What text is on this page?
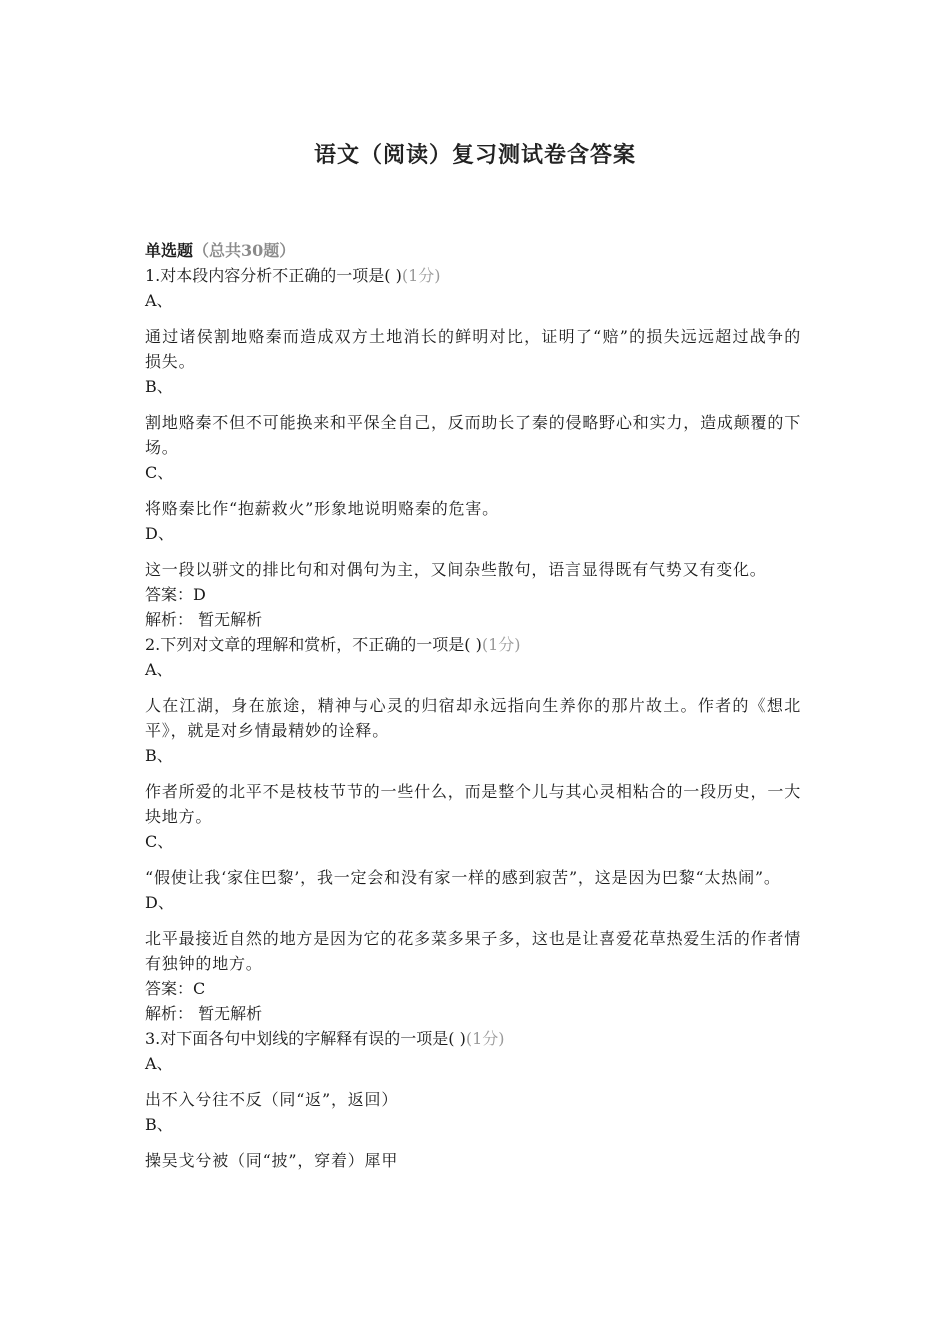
语文（阅读）复习测试卷含答案
单选题（总共30题）
1.对本段内容分析不正确的一项是( )(1分)
A、
通过诸侯割地赂秦而造成双方土地消长的鲜明对比，证明了“赔”的损失远远超过战争的损失。
B、
割地赂秦不但不可能换来和平保全自己，反而助长了秦的侵略野心和实力，造成颠覆的下场。
C、
将赂秦比作“抱薪救火”形象地说明赂秦的危害。
D、
这一段以骈文的排比句和对偶句为主，又间杂些散句，语言显得既有气势又有变化。
答案：D
解析： 暂无解析
2.下列对文章的理解和赏析，不正确的一项是( )(1分)
A、
人在江湖，身在旅途，精神与心灵的归宿却永远指向生养你的那片故土。作者的《想北平》，就是对乡情最精妙的诠释。
B、
作者所爱的北平不是枝枝节节的一些什么，而是整个儿与其心灵相粘合的一段历史，一大块地方。
C、
“假使让我‘家住巴黎’，我一定会和没有家一样的感到寂苦”，这是因为巴黎“太热闹”。
D、
北平最接近自然的地方是因为它的花多菜多果子多，这也是让喜爱花草热爱生活的作者情有独钟的地方。
答案：C
解析： 暂无解析
3.对下面各句中划线的字解释有误的一项是( )(1分)
A、
出不入兮往不反（同“返”，返回）
B、
操吴戈兮被（同“披”，穿着）犀甲
